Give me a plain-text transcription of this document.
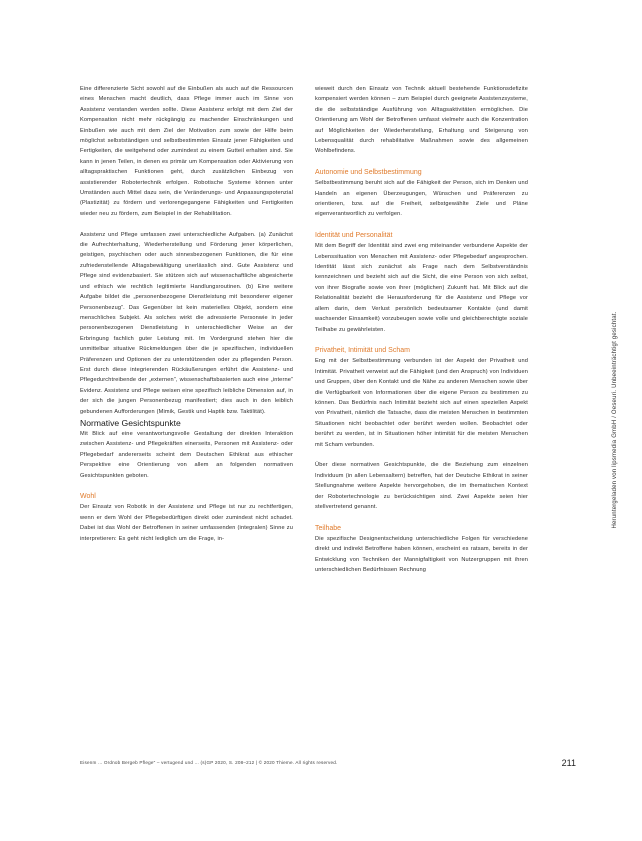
Eine differenzierte Sicht sowohl auf die Einbußen als auch auf die Ressourcen eines Menschen macht deutlich, dass Pflege immer auch im Sinne von Assistenz verstanden werden sollte. Diese Assistenz erfolgt mit dem Ziel der Kompensation nicht mehr rückgängig zu machender Einschränkungen und Einbußen wie auch mit dem Ziel der Motivation zum sowie der Hilfe beim möglichst selbstständigen und selbstbestimmten Einsatz jener Fähigkeiten und Fertigkeiten, die weitgehend oder zumindest zu einem Gutteil erhalten sind. Sie kann in jenen Teilen, in denen es primär um Kompensation oder Aktivierung von alltagspraktischen Funktionen geht, durch zusätzlichen Einbezug von assistierender Robotertechnik erfolgen. Robotische Systeme können unter Umständen auch Mittel dazu sein, die Veränderungs- und Anpassungspotenzial (Plastizität) zu fördern und verlorengegangene Fähigkeiten und Fertigkeiten wieder neu zu fördern, zum Beispiel in der Rehabilitation.

Assistenz und Pflege umfassen zwei unterschiedliche Aufgaben. (a) Zunächst die Aufrechterhaltung, Wiederherstellung und Förderung jener körperlichen, geistigen, psychischen oder auch sinnesbezogenen Funktionen, die für eine zufriedenstellende Alltagsbewältigung unerlässlich sind. Gute Assistenz und Pflege sind evidenzbasiert. Sie stützen sich auf wissenschaftliche abgesicherte und ethisch wie rechtlich legitimierte Handlungsroutinen. (b) Eine weitere Aufgabe bildet die „personenbezogene Dienstleistung mit besonderer eigener Personenbezug“. Das Gegenüber ist kein materielles Objekt, sondern eine menschliches Subjekt. Als solches wirkt die adressierte Personwie in jeder personenbezogenen Dienstleistung in unterschiedlicher Weise an der Erbringung fachlich guter Leistung mit. Im Vordergrund stehen hier die unmittelbar situative Rückmeldungen über die je spezifischen, individuellen Präferenzen und Optionen der zu unterstützenden oder zu pflegenden Person. Erst durch diese integrierenden Rückäußerungen erführt die Assistenz- und Pflegedurchtreibende der „externen“, wissenschaftsbasierten auch eine „interne“ Evidenz. Assistenz und Pflege weisen eine spezifisch leibliche Dimension auf, in der sich die jungen Personenbezug manifestiert; dies auch in den leiblich gebundenen Aufforderungen (Mimik, Gestik und Haptik bzw. Taktilität).

Normative Gesichtspunkte

Mit Blick auf eine verantwortungsvolle Gestaltung der direkten Interaktion zwischen Assistenz- und Pflegekräften einerseits, Personen mit Assistenz- oder Pflegebedarf andererseits scheint dem Deutschen Ethikrat aus ethischer Perspektive eine Orientierung von allem an folgenden normativen Gesichtspunkten geboten.

Wohl

Der Einsatz von Robotik in der Assistenz und Pflege ist nur zu rechtfertigen, wenn er dem Wohl der Pflegebedürftigen direkt oder zumindest nicht schadet. Dabei ist das Wohl der Betroffenen in seiner umfassenden (integralen) Sinne zu interpretieren: Es geht nicht lediglich um die Frage, in-

wieweit durch den Einsatz von Technik aktuell bestehende Funktionsdefizite kompensiert werden können – zum Beispiel durch geeignete Assistenzsysteme, die die selbstständige Ausführung von Alltagsaktivitäten ermöglichen. Die Orientierung am Wohl der Betroffenen umfasst vielmehr auch die Konzentration auf Möglichkeiten der Wiederherstellung, Erhaltung und Steigerung von Lebensqualität durch rehabilitative Maßnahmen sowie des allgemeinen Wohlbefindens.

Autonomie und Selbstbestimmung

Selbstbestimmung beruht sich auf die Fähigkeit der Person, sich im Denken und Handeln an eigenen Überzeugungen, Wünschen und Präferenzen zu orientieren, bzw. auf die Freiheit, selbstgewählte Ziele und Pläne eigenverantwortlich zu verfolgen.

Identität und Personalität

Mit dem Begriff der Identität sind zwei eng miteinander verbundene Aspekte der Lebenssituation von Menschen mit Assistenz- oder Pflegebedarf angesprochen. Identität lässt sich zunächst als Frage nach dem Selbstverständnis kennzeichnen und bezieht sich auf die Sicht, die eine Person von sich selbst, von ihrer Biografie sowie von ihrer (möglichen) Zukunft hat. Mit Blick auf die Relationalität bezieht die Herausforderung für die Assistenz und Pflege vor allem darin, dem Verlust persönlich bedeutsamer Kontakte (und damit wachsender Einsamkeit) vorzubeugen sowie volle und gleichberechtigte soziale Teilhabe zu gewährleisten.

Privatheit, Intimität und Scham

Eng mit der Selbstbestimmung verbunden ist der Aspekt der Privatheit und Intimität. Privatheit verweist auf die Fähigkeit (und den Anspruch) von Individuen und Gruppen, über den Kontakt und die Nähe zu anderen Menschen sowie über die Verfügbarkeit von Informationen über die eigene Person zu bestimmen zu können. Das Bedürfnis nach Intimität bezieht sich auf einen speziellen Aspekt von Privatheit, nämlich die Tatsache, dass die meisten Menschen in bestimmten Situationen nicht beobachtet oder berührt werden wollen. Beobachtet oder berührt zu werden, ist in Situationen höher intimität für die meisten Menschen mit Scham verbunden.

Über diese normativen Gesichtspunkte, die die Beziehung zum einzelnen Individuum (in allen Lebensaltern) betreffen, hat der Deutsche Ethikrat in seiner Stellungnahme weitere Aspekte hervorgehoben, die im thematischen Kontext der Robotertechnologie zu berücksichtigen sind. Zwei Aspekte seien hier stellvertretend genannt.

Teilhabe

Die spezifische Designentscheidung unterschiedliche Folgen für verschiedene direkt und indirekt Betroffene haben können, erscheint es ratsam, bereits in der Entwicklung von Techniken der Mannigfaltigkeit von Nutzergruppen mit ihren unterschiedlichen Bedürfnissen Rechnung

Heruntergeladen von lipsmedia GmbH / Oeseuri. Unbeeinträchtigt gesichtat.
Eisenm ... Ordnob Bergeb Pflege" – vertugend und ... (s)GP 2020, S. 208–212 | © 2020 Thieme. All rights reserved.	211
